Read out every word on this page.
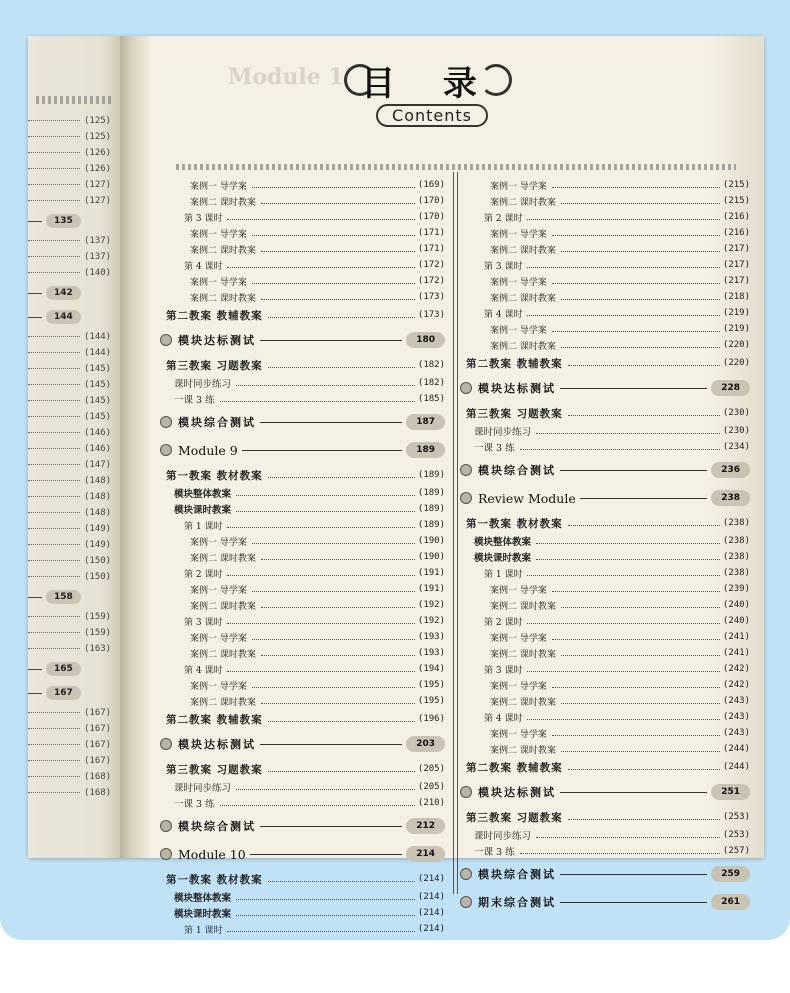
(125)
(125)
(126)
(126)
(127)
(127)
135
(137)
(137)
(140)
142
144
(144)
(144)
(145)
(145)
(145)
(145)
(146)
(146)
(147)
(148)
(148)
(148)
(149)
(149)
(150)
(150)
158
(159)
(159)
(163)
165
167
(167)
(167)
(167)
(167)
(168)
(168)
Module 1 目 录
Contents
案例一 导学案	(169)
案例二 课时教案	(170)
第 3 课时	(170)
案例一 导学案	(171)
案例二 课时教案	(171)
第 4 课时	(172)
案例一 导学案	(172)
案例二 课时教案	(173)
第二教案 教辅教案	(173)
模块达标测试	180
第三教案 习题教案	(182)
课时同步练习	(182)
一课 3 练	(185)
模块综合测试	187
Module 9	189
第一教案 教材教案	(189)
模块整体教案	(189)
模块课时教案	(189)
第 1 课时	(189)
案例一 导学案	(190)
案例二 课时教案	(190)
第 2 课时	(191)
案例一 导学案	(191)
案例二 课时教案	(192)
第 3 课时	(192)
案例一 导学案	(193)
案例二 课时教案	(193)
第 4 课时	(194)
案例一 导学案	(195)
案例二 课时教案	(195)
第二教案 教辅教案	(196)
模块达标测试	203
第三教案 习题教案	(205)
课时同步练习	(205)
一课 3 练	(210)
模块综合测试	212
Module 10	214
第一教案 教材教案	(214)
模块整体教案	(214)
模块课时教案	(214)
第 1 课时	(214)
案例一 导学案	(215)
案例二 课时教案	(215)
第 2 课时	(216)
案例一 导学案	(216)
案例二 课时教案	(217)
第 3 课时	(217)
案例一 导学案	(217)
案例二 课时教案	(218)
第 4 课时	(219)
案例一 导学案	(219)
案例二 课时教案	(220)
第二教案 教辅教案	(220)
模块达标测试	228
第三教案 习题教案	(230)
课时同步练习	(230)
一课 3 练	(234)
模块综合测试	236
Review Module	238
第一教案 教材教案	(238)
模块整体教案	(238)
模块课时教案	(238)
第 1 课时	(238)
案例一 导学案	(239)
案例二 课时教案	(240)
第 2 课时	(240)
案例一 导学案	(241)
案例二 课时教案	(241)
第 3 课时	(242)
案例一 导学案	(242)
案例二 课时教案	(243)
第 4 课时	(243)
案例一 导学案	(243)
案例二 课时教案	(244)
第二教案 教辅教案	(244)
模块达标测试	251
第三教案 习题教案	(253)
课时同步练习	(253)
一课 3 练	(257)
模块综合测试	259
期末综合测试	261
